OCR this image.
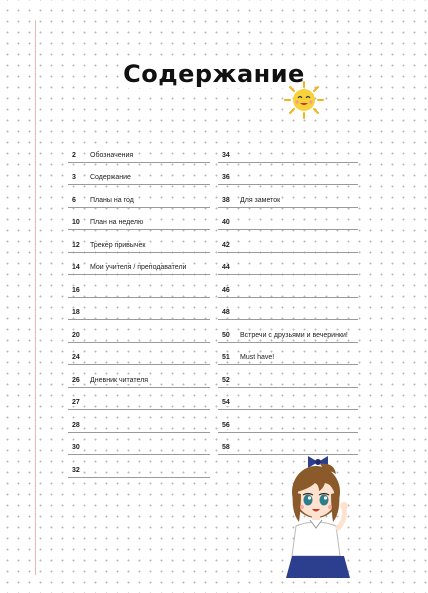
Содержание
2 Обозначения
3 Содержание
6 Планы на год
10 План на неделю
12 Трекер привычек
14 Мои учителя / преподаватели
16
18
20
24
26 Дневник читателя
27
28
30
32
34
36
38 Для заметок
40
42
44
46
48
50 Встречи с друзьями и вечеринки!
51 Must have!
52
54
56
58
